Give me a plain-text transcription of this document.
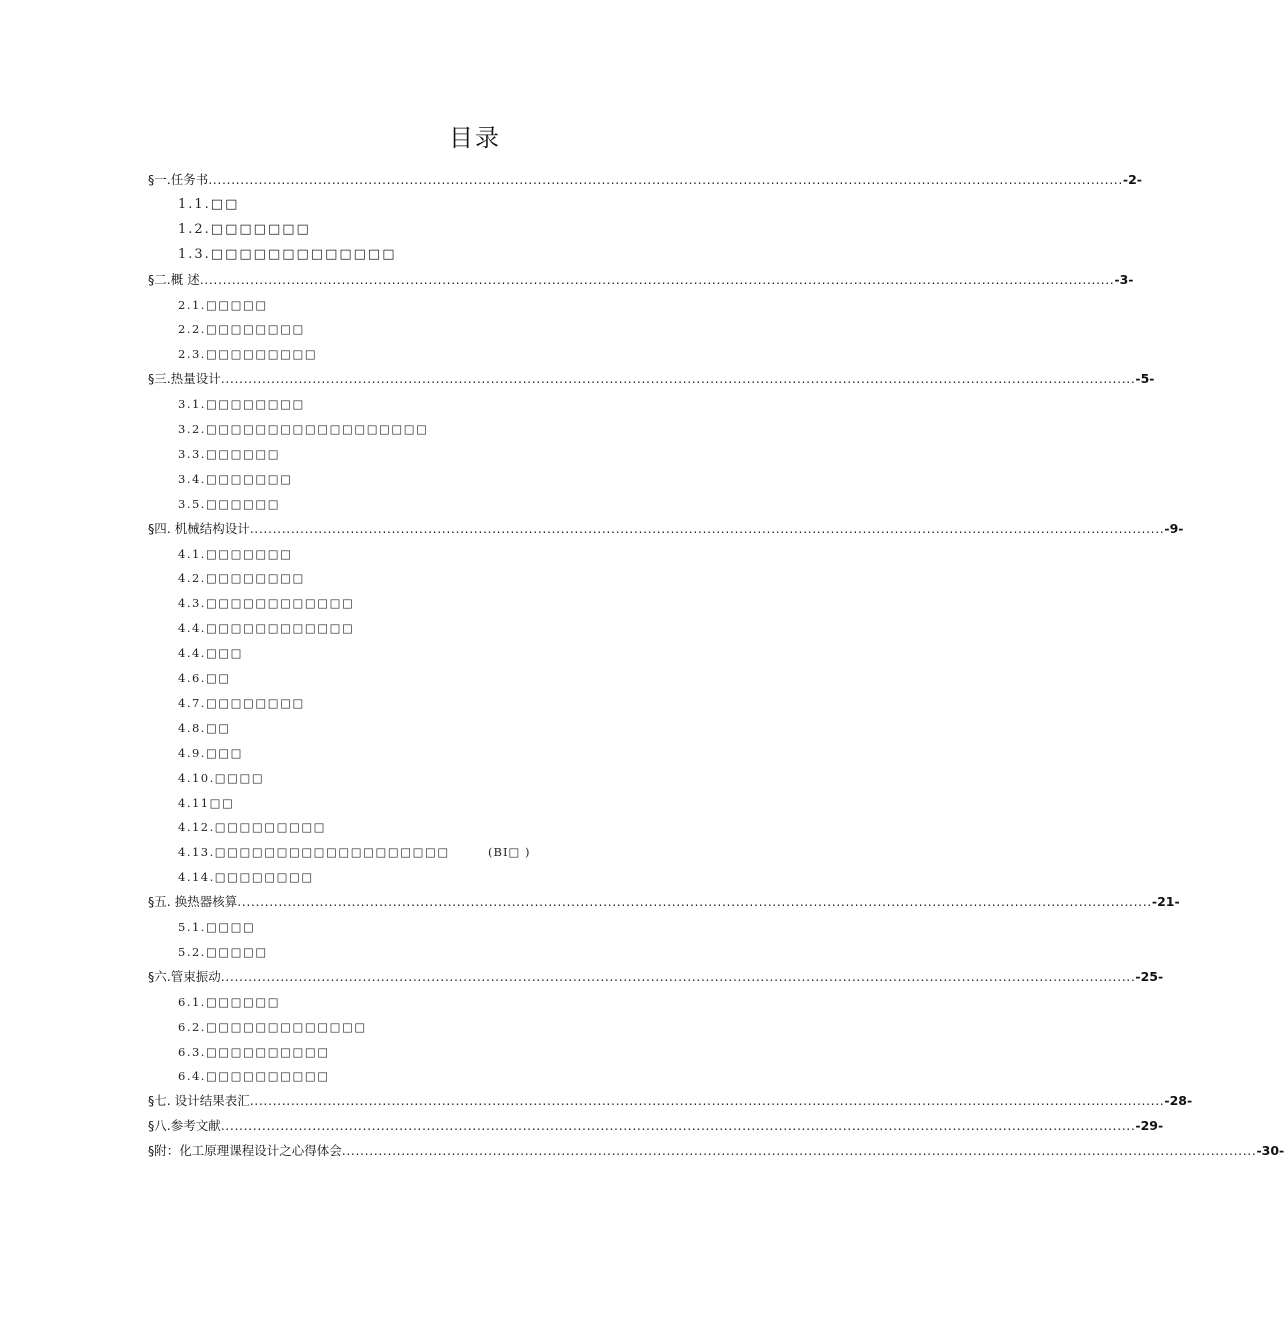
目录
§一.任务书 ........................................................................................................................................................................................................ -2-
1.1.□□
1.2.□□□□□□□
1.3.□□□□□□□□□□□□□
§二.概 述 ........................................................................................................................................................................................................ -3-
2.1.□□□□□
2.2.□□□□□□□□
2.3.□□□□□□□□□
§三.热量设计 ........................................................................................................................................................................................................ -5-
3.1.□□□□□□□□
3.2.□□□□□□□□□□□□□□□□□□
3.3.□□□□□□
3.4.□□□□□□□
3.5.□□□□□□
§四. 机械结构设计 ........................................................................................................................................................................................................ -9-
4.1.□□□□□□□
4.2.□□□□□□□□
4.3.□□□□□□□□□□□□
4.4.□□□□□□□□□□□□
4.4.□□□
4.6.□□
4.7.□□□□□□□□
4.8.□□
4.9.□□□
4.10.□□□□
4.11□□
4.12.□□□□□□□□□
4.13.□□□□□□□□□□□□□□□□□□□	(BI□ )
4.14.□□□□□□□□
§五. 换热器核算 ........................................................................................................................................................................................................ -21-
5.1.□□□□
5.2.□□□□□
§六.管束振动 ........................................................................................................................................................................................................ -25-
6.1.□□□□□□
6.2.□□□□□□□□□□□□□
6.3.□□□□□□□□□□
6.4.□□□□□□□□□□
§七. 设计结果表汇 ........................................................................................................................................................................................................ -28-
§八.参考文献 ........................................................................................................................................................................................................ -29-
§附：化工原理课程设计之心得体会 ........................................................................................................................................................................................................ -30-
